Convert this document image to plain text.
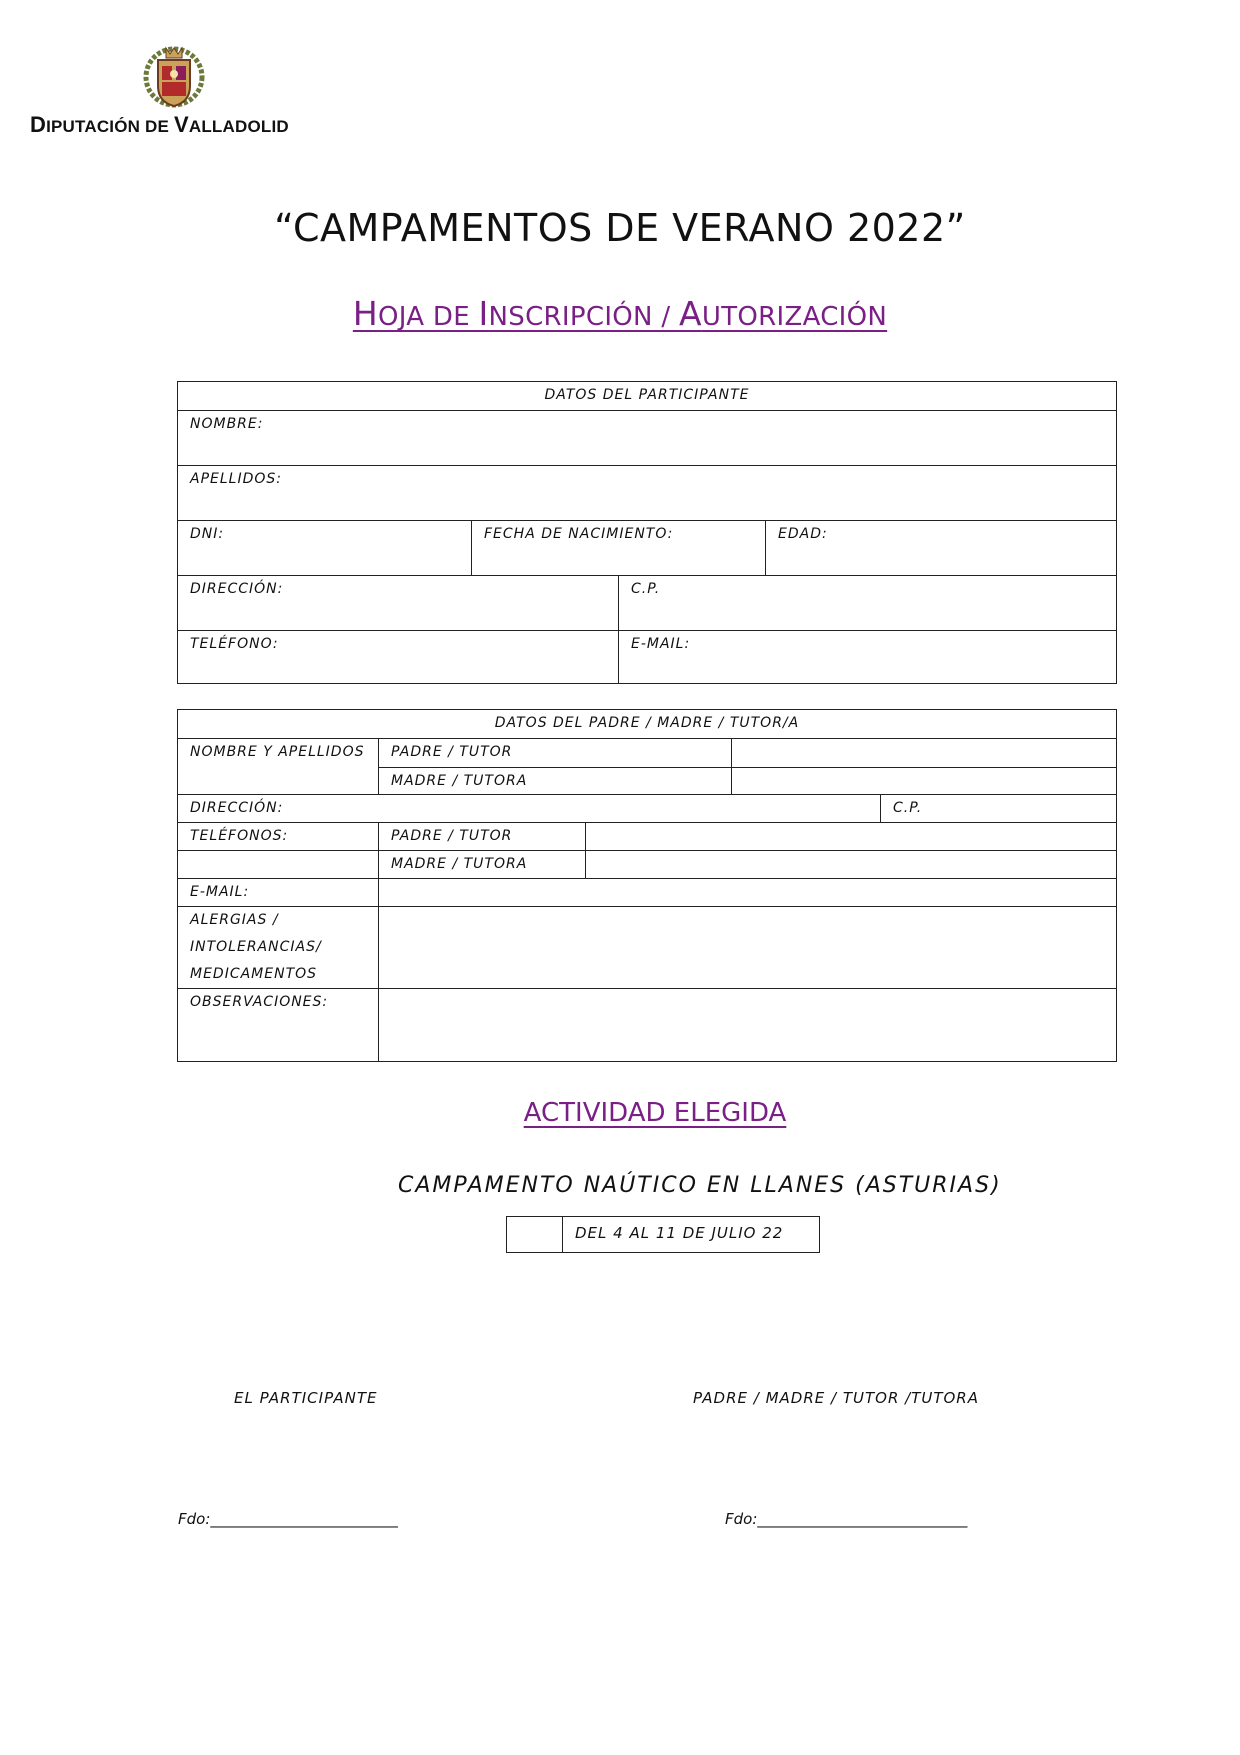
DIPUTACIÓN DE VALLADOLID
“CAMPAMENTOS DE VERANO 2022”
HOJA DE INSCRIPCIÓN / AUTORIZACIÓN
DATOS DEL PARTICIPANTE
NOMBRE:
APELLIDOS:
DNI:	FECHA DE NACIMIENTO:	EDAD:
DIRECCIÓN:	C.P.
TELÉFONO:	E-MAIL:
DATOS DEL PADRE / MADRE / TUTOR/A
NOMBRE Y APELLIDOS	PADRE / TUTOR
MADRE / TUTORA
DIRECCIÓN:	C.P.
TELÉFONOS:	PADRE / TUTOR
MADRE / TUTORA
E-MAIL:
ALERGIAS / INTOLERANCIAS/ MEDICAMENTOS
OBSERVACIONES:
ACTIVIDAD ELEGIDA
CAMPAMENTO NAÚTICO EN LLANES (ASTURIAS)
DEL 4 AL 11 DE JULIO 22
EL PARTICIPANTE	PADRE / MADRE / TUTOR /TUTORA
Fdo:_________________________	Fdo:____________________________
